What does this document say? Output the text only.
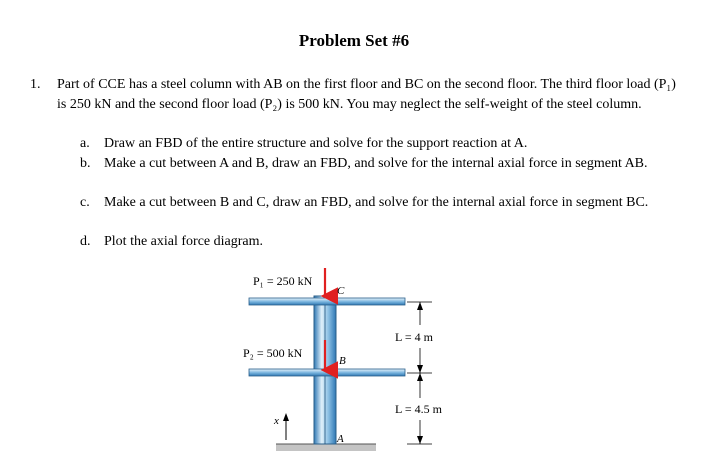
Problem Set #6
1. Part of CCE has a steel column with AB on the first floor and BC on the second floor. The third floor load (P₁) is 250 kN and the second floor load (P₂) is 500 kN. You may neglect the self-weight of the steel column.
a. Draw an FBD of the entire structure and solve for the support reaction at A.
b. Make a cut between A and B, draw an FBD, and solve for the internal axial force in segment AB.
c. Make a cut between B and C, draw an FBD, and solve for the internal axial force in segment BC.
d. Plot the axial force diagram.
P₁ = 250 kN
P₂ = 500 kN
C
B
A
x
L = 4 m
L = 4.5 m
